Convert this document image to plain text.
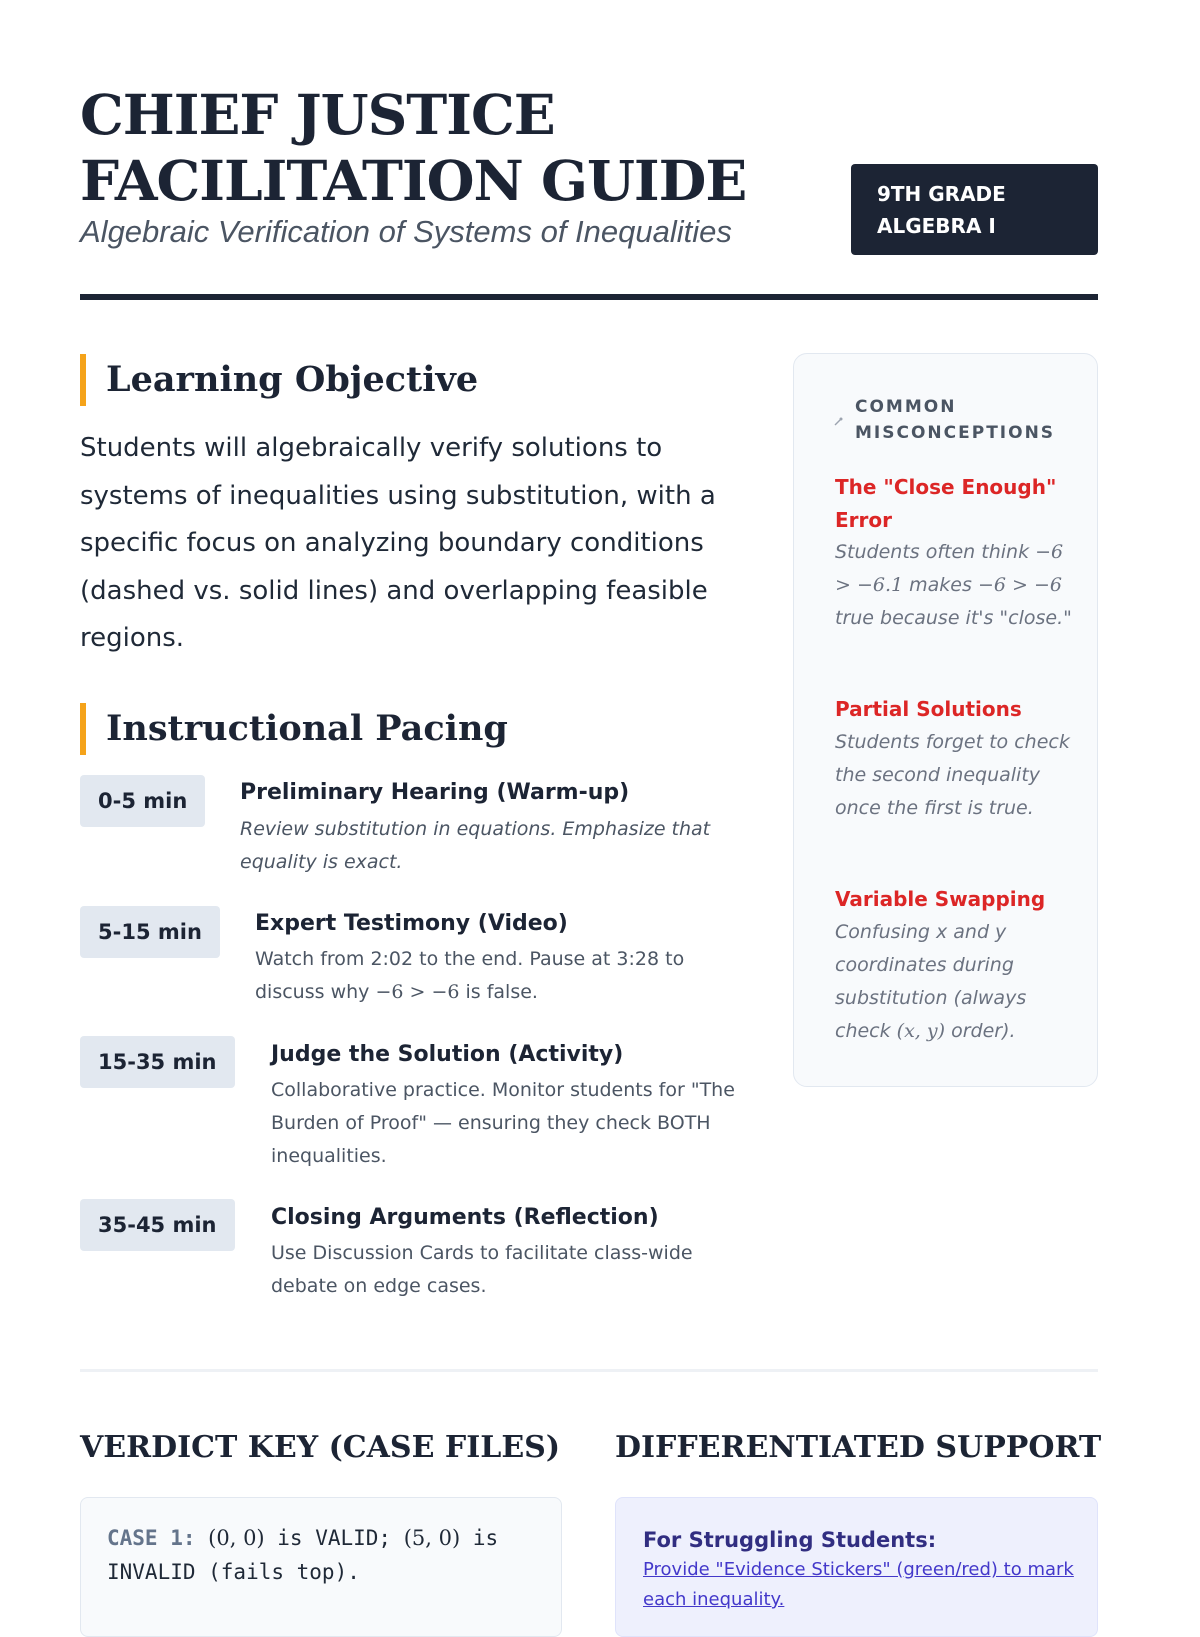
CHIEF JUSTICE
FACILITATION GUIDE
Algebraic Verification of Systems of Inequalities
9TH GRADE
ALGEBRA I
Learning Objective

Students will algebraically verify solutions to systems of inequalities using substitution, with a specific focus on analyzing boundary conditions (dashed vs. solid lines) and overlapping feasible regions.

Instructional Pacing
0-5 min	Preliminary Hearing (Warm-up)
Review substitution in equations. Emphasize that equality is exact.
5-15 min	Expert Testimony (Video)
Watch from 2:02 to the end. Pause at 3:28 to discuss why −6 > −6 is false.
15-35 min	Judge the Solution (Activity)
Collaborative practice. Monitor students for "The Burden of Proof" — ensuring they check BOTH inequalities.
35-45 min	Closing Arguments (Reflection)
Use Discussion Cards to facilitate class-wide debate on edge cases.
COMMON
MISCONCEPTIONS
The "Close Enough" Error
Students often think −6 > −6.1 makes −6 > −6 true because it's "close."
Partial Solutions
Students forget to check the second inequality once the first is true.
Variable Swapping
Confusing x and y coordinates during substitution (always check (x, y) order).
VERDICT KEY (CASE FILES)
CASE 1: (0, 0) is VALID; (5, 0) is INVALID (fails top).
DIFFERENTIATED SUPPORT
For Struggling Students:
Provide "Evidence Stickers" (green/red) to mark each inequality.
